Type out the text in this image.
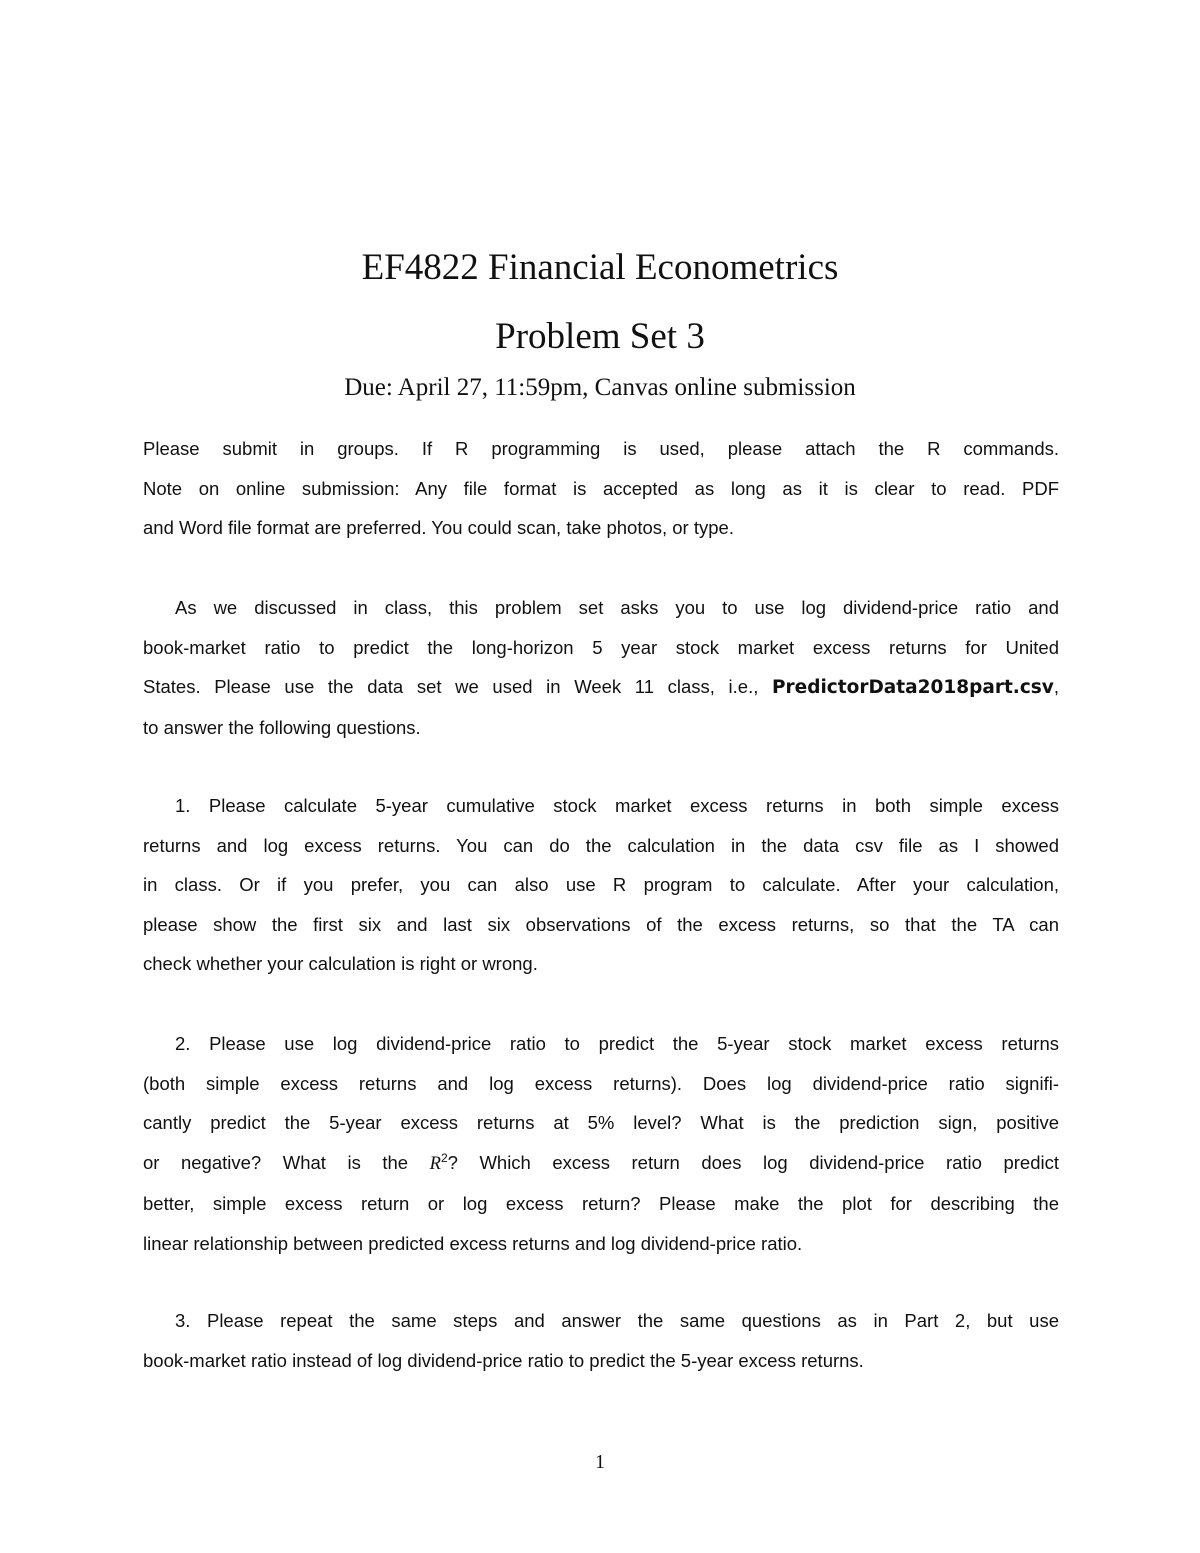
EF4822 Financial Econometrics
Problem Set 3
Due: April 27, 11:59pm, Canvas online submission
Please submit in groups. If R programming is used, please attach the R commands.
Note on online submission: Any file format is accepted as long as it is clear to read. PDF
and Word file format are preferred. You could scan, take photos, or type.
As we discussed in class, this problem set asks you to use log dividend-price ratio and
book-market ratio to predict the long-horizon 5 year stock market excess returns for United
States. Please use the data set we used in Week 11 class, i.e., PredictorData2018part.csv,
to answer the following questions.
1. Please calculate 5-year cumulative stock market excess returns in both simple excess
returns and log excess returns. You can do the calculation in the data csv file as I showed
in class. Or if you prefer, you can also use R program to calculate. After your calculation,
please show the first six and last six observations of the excess returns, so that the TA can
check whether your calculation is right or wrong.
2. Please use log dividend-price ratio to predict the 5-year stock market excess returns
(both simple excess returns and log excess returns). Does log dividend-price ratio signifi-
cantly predict the 5-year excess returns at 5% level? What is the prediction sign, positive
or negative? What is the $R^2$? Which excess return does log dividend-price ratio predict
better, simple excess return or log excess return? Please make the plot for describing the
linear relationship between predicted excess returns and log dividend-price ratio.
3. Please repeat the same steps and answer the same questions as in Part 2, but use
book-market ratio instead of log dividend-price ratio to predict the 5-year excess returns.
1
